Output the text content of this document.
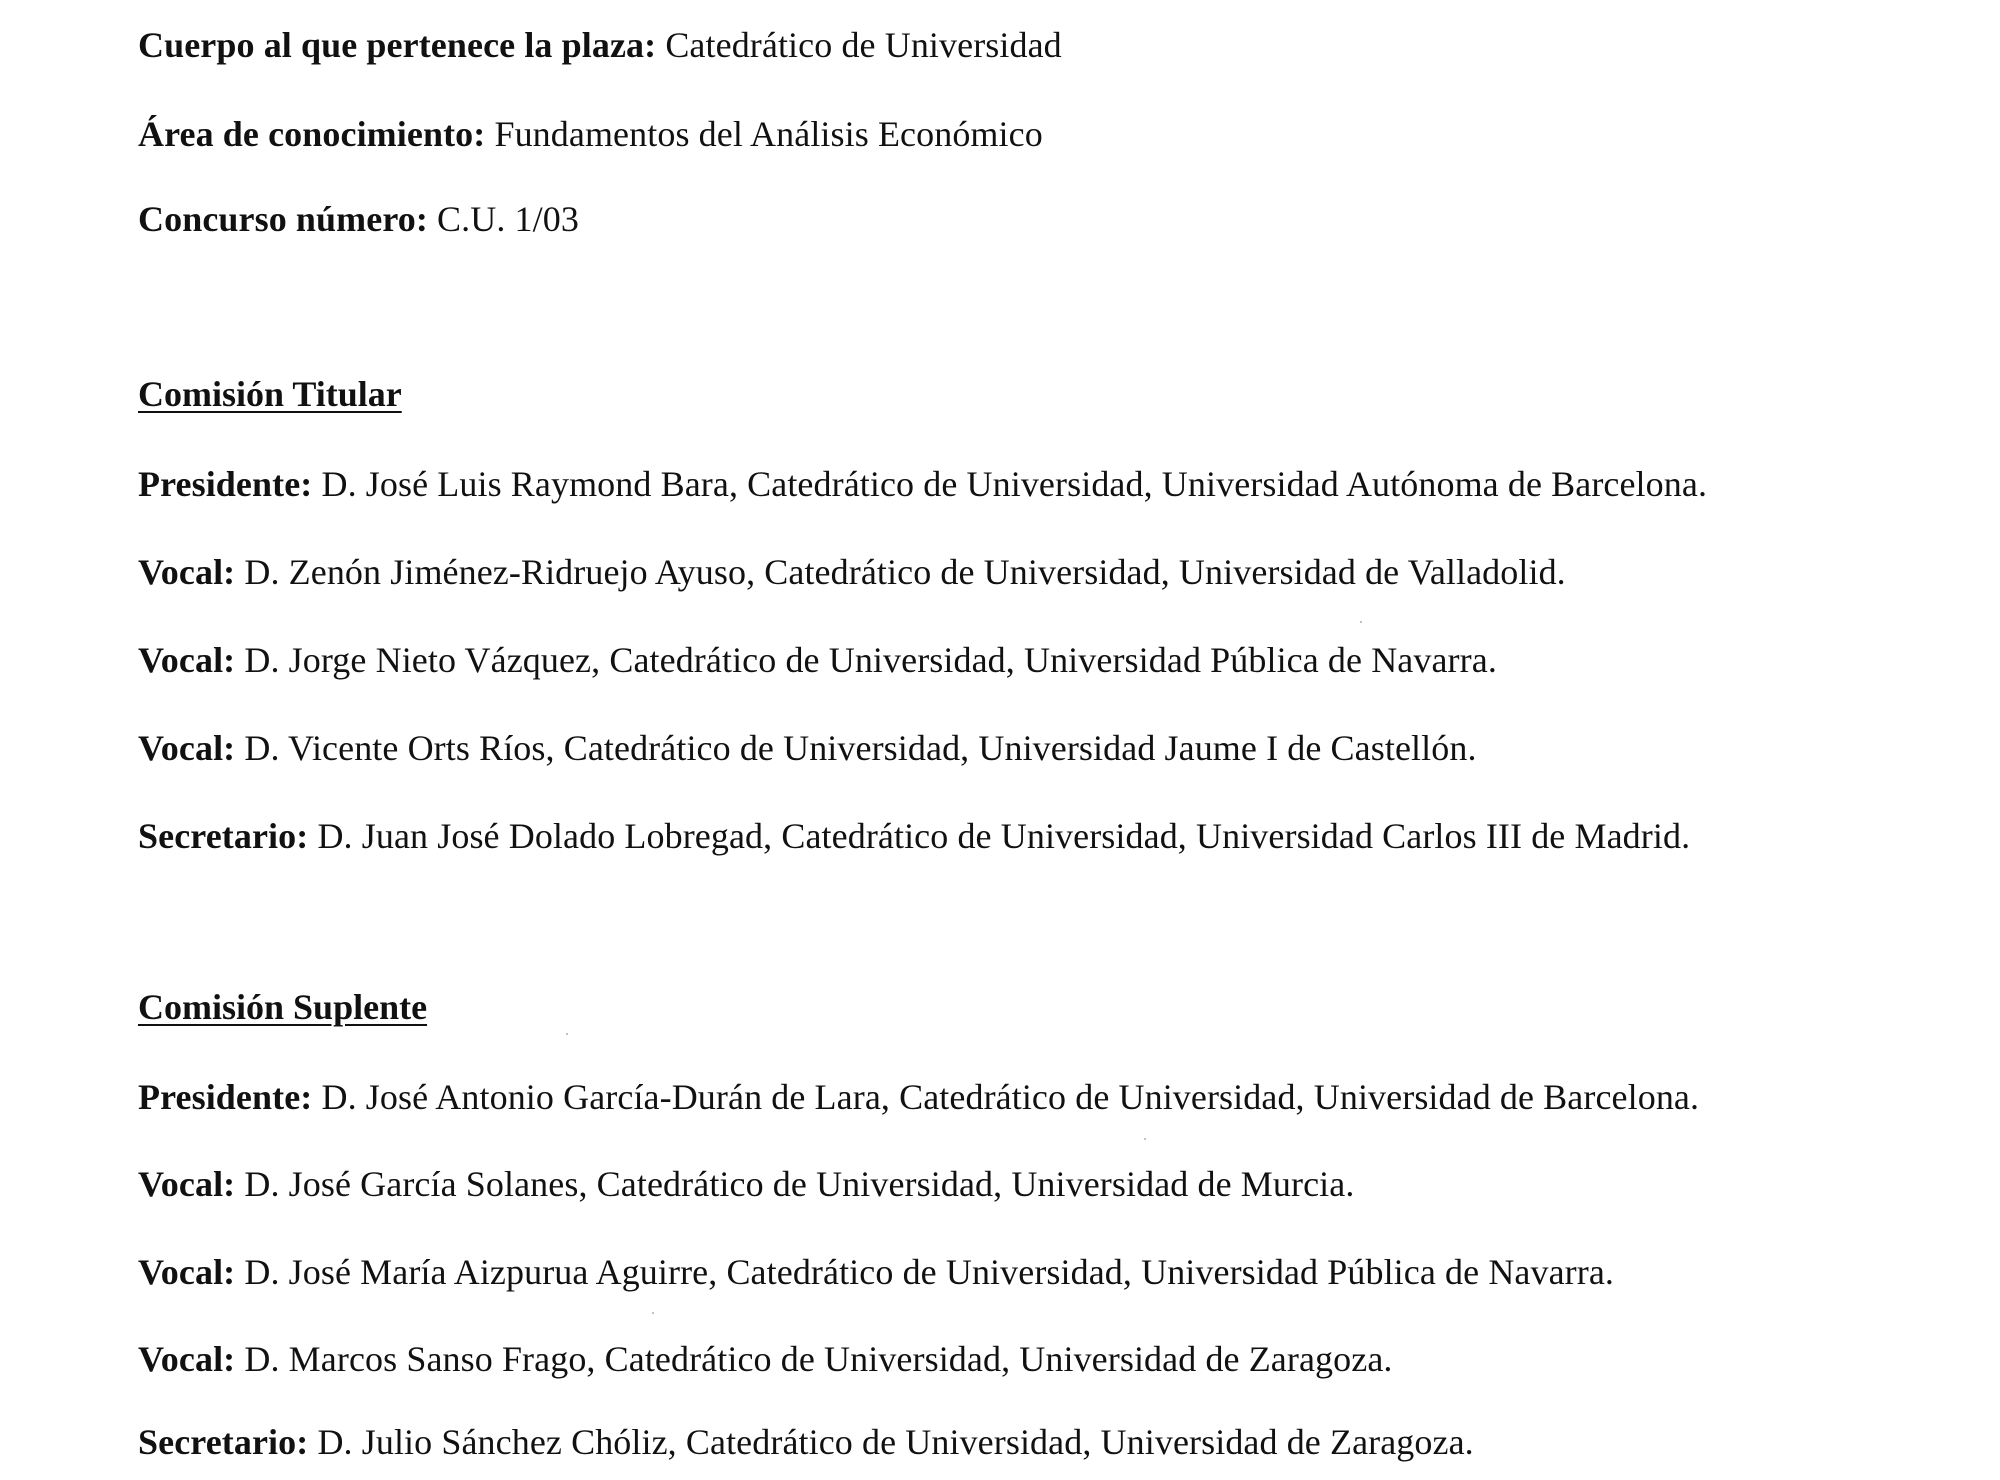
Cuerpo al que pertenece la plaza: Catedrático de Universidad
Área de conocimiento: Fundamentos del Análisis Económico
Concurso número: C.U. 1/03
Comisión Titular
Presidente: D. José Luis Raymond Bara, Catedrático de Universidad, Universidad Autónoma de Barcelona.
Vocal: D. Zenón Jiménez-Ridruejo Ayuso, Catedrático de Universidad, Universidad de Valladolid.
Vocal: D. Jorge Nieto Vázquez, Catedrático de Universidad, Universidad Pública de Navarra.
Vocal: D. Vicente Orts Ríos, Catedrático de Universidad, Universidad Jaume I de Castellón.
Secretario: D. Juan José Dolado Lobregad, Catedrático de Universidad, Universidad Carlos III de Madrid.
Comisión Suplente
Presidente: D. José Antonio García-Durán de Lara, Catedrático de Universidad, Universidad de Barcelona.
Vocal: D. José García Solanes, Catedrático de Universidad, Universidad de Murcia.
Vocal: D. José María Aizpurua Aguirre, Catedrático de Universidad, Universidad Pública de Navarra.
Vocal: D. Marcos Sanso Frago, Catedrático de Universidad, Universidad de Zaragoza.
Secretario: D. Julio Sánchez Chóliz, Catedrático de Universidad, Universidad de Zaragoza.
